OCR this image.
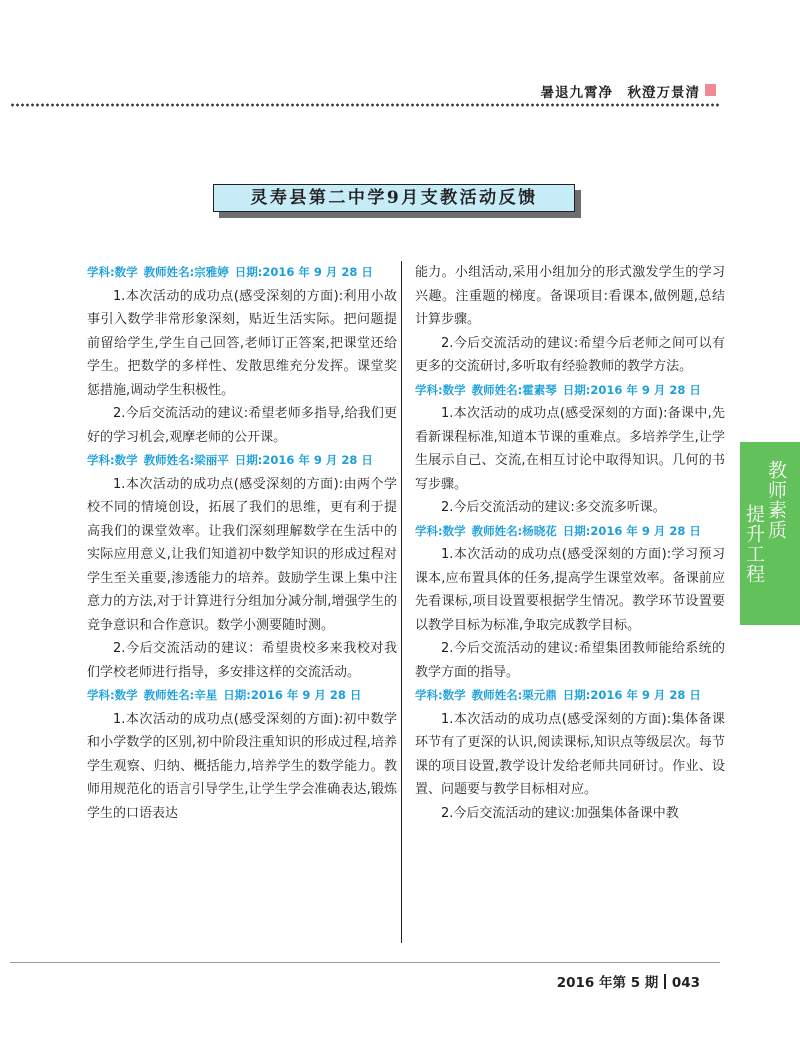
暑退九霄净　秋澄万景清
灵寿县第二中学9月支教活动反馈
学科:数学 教师姓名:宗雅婷 日期:2016 年 9 月 28 日

1.本次活动的成功点(感受深刻的方面):利用小故事引入数学非常形象深刻，贴近生活实际。把问题提前留给学生,学生自己回答,老师订正答案,把课堂还给学生。把数学的多样性、发散思维充分发挥。课堂奖惩措施,调动学生积极性。

2.今后交流活动的建议:希望老师多指导,给我们更好的学习机会,观摩老师的公开课。

学科:数学 教师姓名:梁丽平 日期:2016 年 9 月 28 日

1.本次活动的成功点(感受深刻的方面):由两个学校不同的情境创设，拓展了我们的思维，更有利于提高我们的课堂效率。让我们深刻理解数学在生活中的实际应用意义,让我们知道初中数学知识的形成过程对学生至关重要,渗透能力的培养。鼓励学生课上集中注意力的方法,对于计算进行分组加分减分制,增强学生的竞争意识和合作意识。数学小测要随时测。

2.今后交流活动的建议：希望贵校多来我校对我们学校老师进行指导，多安排这样的交流活动。

学科:数学 教师姓名:辛星 日期:2016 年 9 月 28 日

1.本次活动的成功点(感受深刻的方面):初中数学和小学数学的区别,初中阶段注重知识的形成过程,培养学生观察、归纳、概括能力,培养学生的数学能力。教师用规范化的语言引导学生,让学生学会准确表达,锻炼学生的口语表达

能力。小组活动,采用小组加分的形式激发学生的学习兴趣。注重题的梯度。备课项目:看课本,做例题,总结计算步骤。

2.今后交流活动的建议:希望今后老师之间可以有更多的交流研讨,多听取有经验教师的教学方法。

学科:数学 教师姓名:霍素琴 日期:2016 年 9 月 28 日

1.本次活动的成功点(感受深刻的方面):备课中,先看新课程标准,知道本节课的重难点。多培养学生,让学生展示自己、交流,在相互讨论中取得知识。几何的书写步骤。

2.今后交流活动的建议:多交流多听课。

学科:数学 教师姓名:杨晓花 日期:2016 年 9 月 28 日

1.本次活动的成功点(感受深刻的方面):学习预习课本,应布置具体的任务,提高学生课堂效率。备课前应先看课标,项目设置要根据学生情况。教学环节设置要以教学目标为标准,争取完成教学目标。

2.今后交流活动的建议:希望集团教师能给系统的教学方面的指导。

学科:数学 教师姓名:栗元鼎 日期:2016 年 9 月 28 日

1.本次活动的成功点(感受深刻的方面):集体备课环节有了更深的认识,阅读课标,知识点等级层次。每节课的项目设置,教学设计发给老师共同研讨。作业、设置、问题要与教学目标相对应。

2.今后交流活动的建议:加强集体备课中教

教师素质
提升工程
2016 年第 5 期 043
